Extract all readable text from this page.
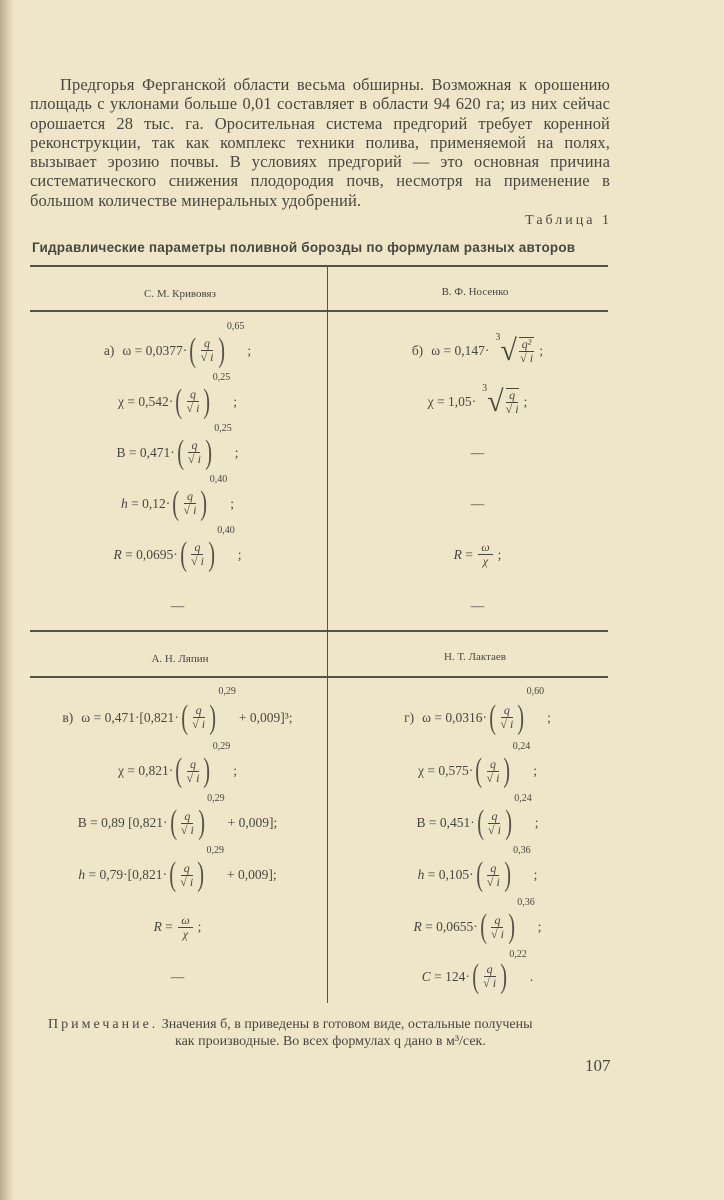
Предгорья Ферганской области весьма обширны. Возможная к орошению площадь с уклонами больше 0,01 составляет в области 94 620 га; из них сейчас орошается 28 тыс. га. Оросительная система предгорий требует коренной реконструкции, так как комплекс техники полива, применяемой на полях, вызывает эрозию почвы. В условиях предгорий — это основная причина систематического снижения плодородия почв, несмотря на применение в большом количестве минеральных удобрений.

Таблица 1
Гидравлические параметры поливной борозды по формулам разных авторов
С. М. Кривовяз	В. Ф. Носенко
а) ω = 0,0377 · ( $\frac{q}{√ i}$ )
0,65
;
χ = 0,542 · ( $\frac{q}{√ i}$ )
0,25
;
B = 0,471 · ( $\frac{q}{√ i}$ )
0,25
;
h = 0,12 · ( $\frac{q}{√ i}$ )
0,40
;
R = 0,0695 · ( $\frac{q}{√ i}$ )
0,40
;
—
б) ω = 0,147 ·
3 √ $\frac{\text{q²}}{√ i}$ ;
χ = 1,05 ·
3 √ $\frac{q}{√ i}$ ;
—
—
$R = \frac{\omega}{\chi}$ ;
—
А. Н. Ляпин	Н. Т. Лактаев
в) ω = 0,471·[0,821 · ( $\frac{q}{√ i}$ )
0,29
+ 0,009]³;
χ = 0,821 · ( $\frac{q}{√ i}$ )
0,29
;
B = 0,89 [0,821 · ( $\frac{q}{√ i}$ )
0,29
+ 0,009];
h = 0,79·[0,821 · ( $\frac{q}{√ i}$ )
0,29
+ 0,009];
$R = \frac{\omega}{\chi}$ ;
—
г) ω = 0,0316 · ( $\frac{q}{√ i}$ )
0,60
;
χ = 0,575 · ( $\frac{q}{√ i}$ )
0,24
;
B = 0,451 · ( $\frac{q}{√ i}$ )
0,24
;
h = 0,105 · ( $\frac{q}{√ i}$ )
0,36
;
R = 0,0655 · ( $\frac{q}{√ i}$ )
0,36
;
C = 124 · ( $\frac{q}{√ i}$ )
0,22
.
Примечание. Значения б, в приведены в готовом виде, остальные получены
как производные. Во всех формулах q дано в м³/сек.
107
